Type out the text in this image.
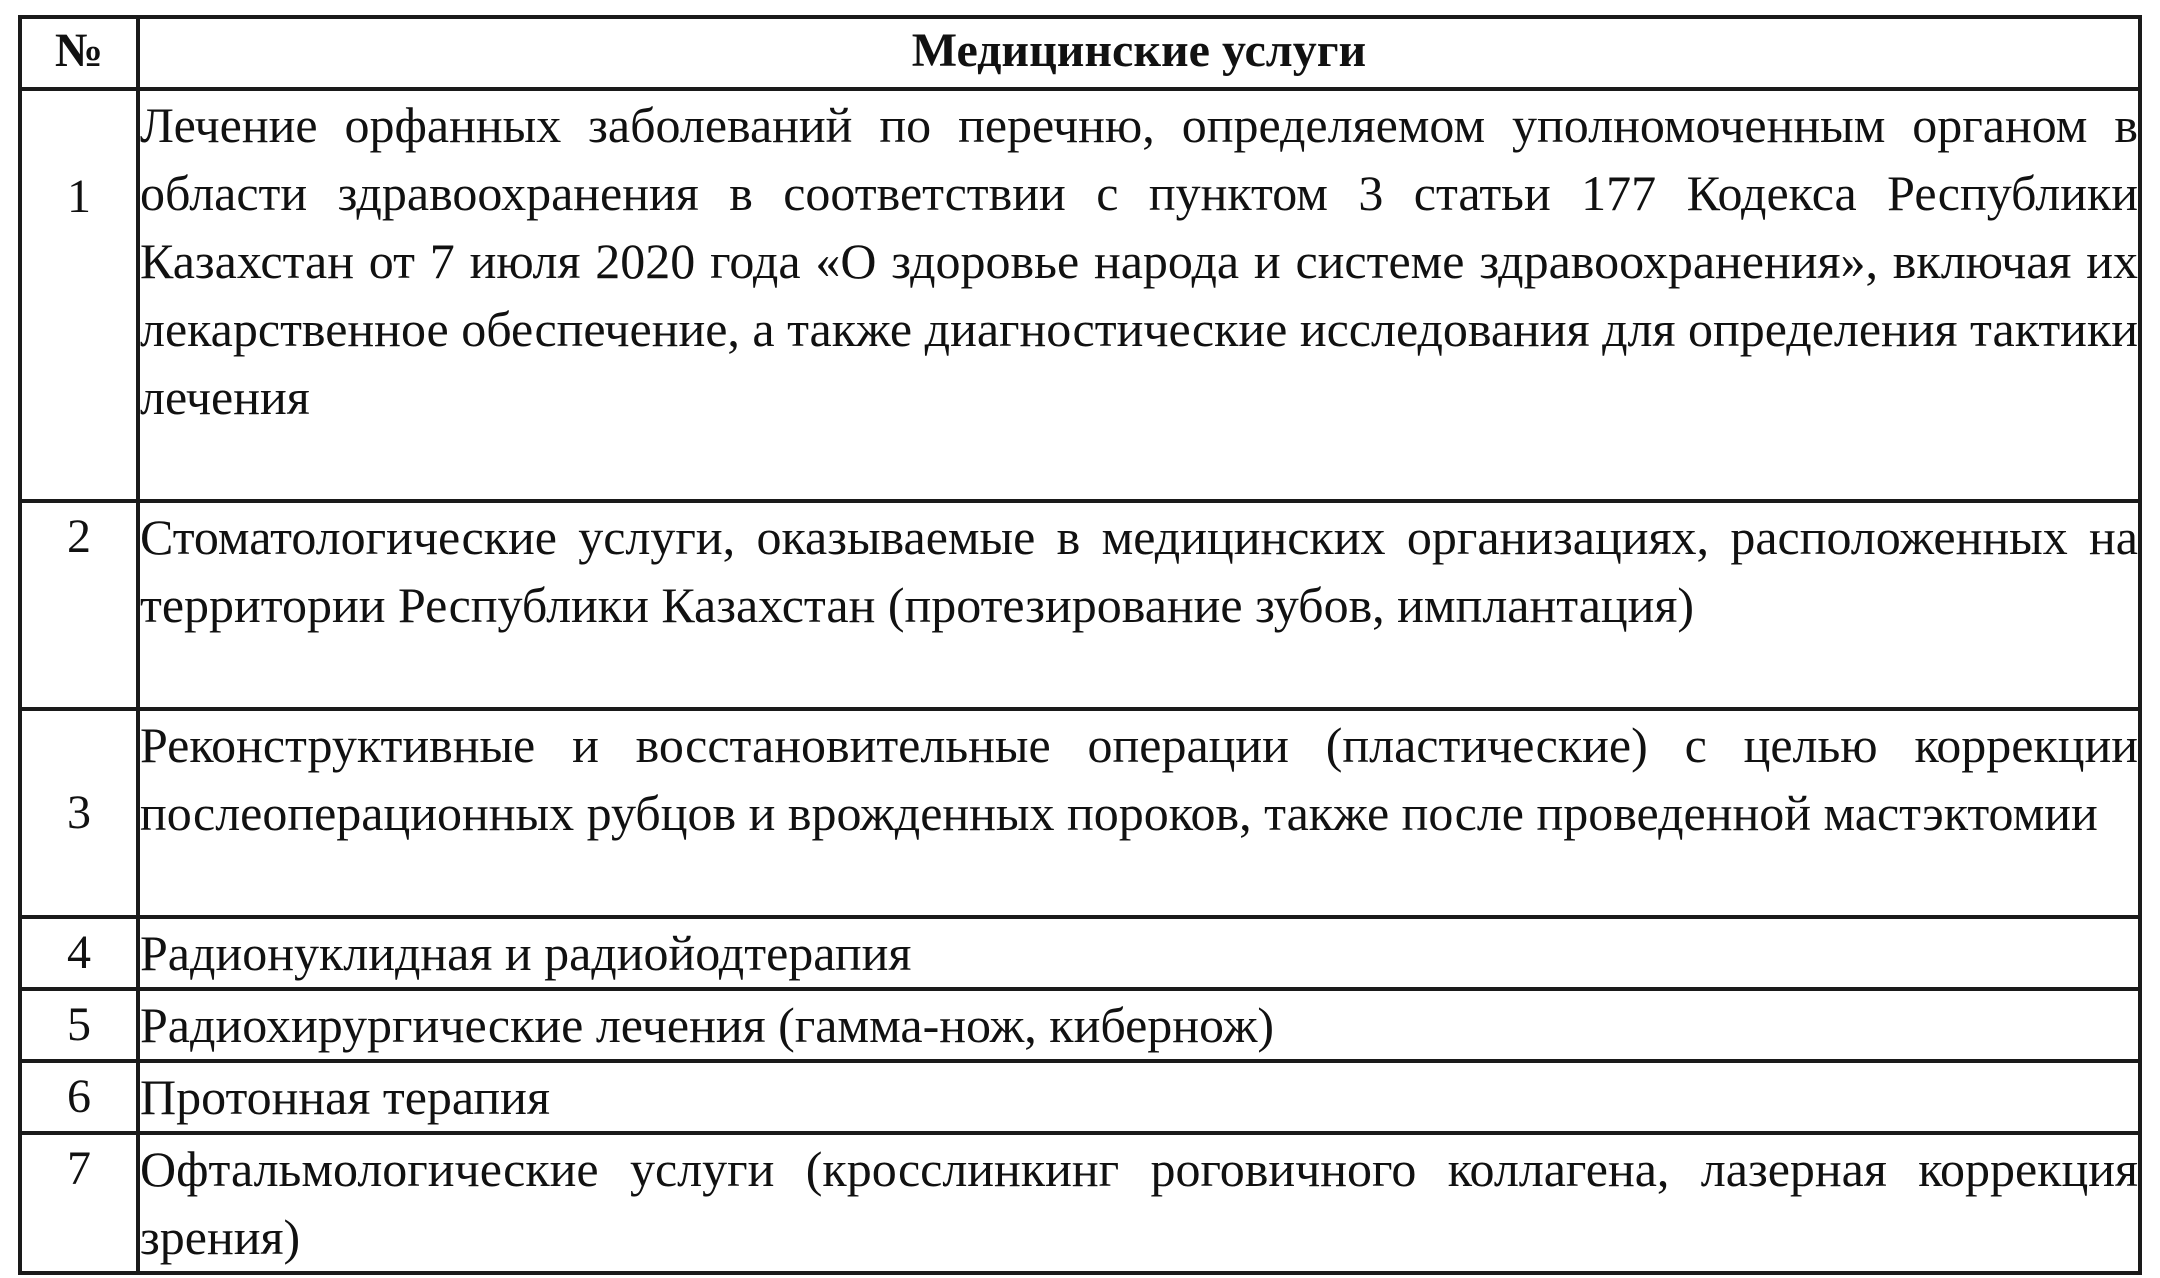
№	Медицинские услуги
1	Лечение орфанных заболеваний по перечню, определяемом уполномоченным органом в области здравоохранения в соответствии с пунктом 3 статьи 177 Кодекса Республики Казахстан от 7 июля 2020 года «О здоровье народа и системе здравоохранения», включая их лекарственное обеспечение, а также диагностические исследования для определения тактики лечения
2	Стоматологические услуги, оказываемые в медицинских организациях, расположенных на территории Республики Казахстан (протезирование зубов, имплантация)
3	Реконструктивные и восстановительные операции (пластические) с целью коррекции послеоперационных рубцов и врожденных пороков, также после проведенной мастэктомии
4	Радионуклидная и радиойодтерапия
5	Радиохирургические лечения (гамма-нож, кибернож)
6	Протонная терапия
7	Офтальмологические услуги (кросслинкинг роговичного коллагена, лазерная коррекция зрения)
